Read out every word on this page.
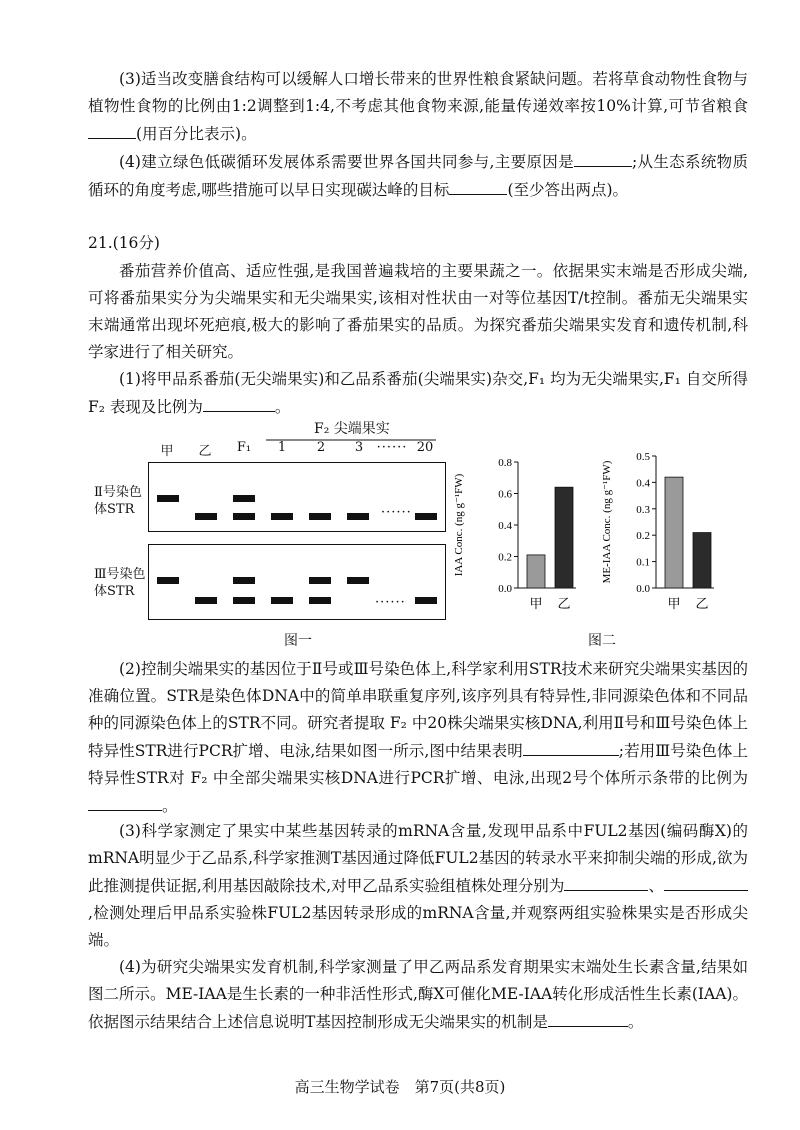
(3)适当改变膳食结构可以缓解人口增长带来的世界性粮食紧缺问题。若将草食动物性食物与植物性食物的比例由1:2调整到1:4,不考虑其他食物来源,能量传递效率按10%计算,可节省粮食(用百分比表示)。

(4)建立绿色低碳循环发展体系需要世界各国共同参与,主要原因是	;从生态系统物质循环的角度考虑,哪些措施可以早日实现碳达峰的目标	(至少答出两点)。

21.(16分)

番茄营养价值高、适应性强,是我国普遍栽培的主要果蔬之一。依据果实末端是否形成尖端,可将番茄果实分为尖端果实和无尖端果实,该相对性状由一对等位基因T/t控制。番茄无尖端果实末端通常出现坏死疤痕,极大的影响了番茄果实的品质。为探究番茄尖端果实发育和遗传机制,科学家进行了相关研究。

(1)将甲品系番茄(无尖端果实)和乙品系番茄(尖端果实)杂交,F₁ 均为无尖端果实,F₁ 自交所得 F₂ 表现及比例为	。

F₂ 尖端果实
甲	乙	F₁	1	2	3	······ 20
Ⅱ号染色体STR	······
Ⅲ号染色体STR
······
图一
0.0
0.2
0.4
0.6
0.8
甲 乙
IAA Conc. (ng g⁻¹FW)
0.0
0.1
0.2
0.3
0.4
0.5
甲 乙
ME-IAA Conc. (ng g⁻¹FW)
图二

(2)控制尖端果实的基因位于Ⅱ号或Ⅲ号染色体上,科学家利用STR技术来研究尖端果实基因的准确位置。STR是染色体DNA中的简单串联重复序列,该序列具有特异性,非同源染色体和不同品种的同源染色体上的STR不同。研究者提取 F₂ 中20株尖端果实核DNA,利用Ⅱ号和Ⅲ号染色体上特异性STR进行PCR扩增、电泳,结果如图一所示,图中结果表明	;若用Ⅲ号染色体上特异性STR对 F₂ 中全部尖端果实核DNA进行PCR扩增、电泳,出现2号个体所示条带的比例为。

(3)科学家测定了果实中某些基因转录的mRNA含量,发现甲品系中FUL2基因(编码酶X)的mRNA明显少于乙品系,科学家推测T基因通过降低FUL2基因的转录水平来抑制尖端的形成,欲为此推测提供证据,利用基因敲除技术,对甲乙品系实验组植株处理分别为	、,检测处理后甲品系实验株FUL2基因转录形成的mRNA含量,并观察两组实验株果实是否形成尖端。

(4)为研究尖端果实发育机制,科学家测量了甲乙两品系发育期果实末端处生长素含量,结果如图二所示。ME-IAA是生长素的一种非活性形式,酶X可催化ME-IAA转化形成活性生长素(IAA)。依据图示结果结合上述信息说明T基因控制形成无尖端果实的机制是	。

高三生物学试卷　第7页(共8页)
